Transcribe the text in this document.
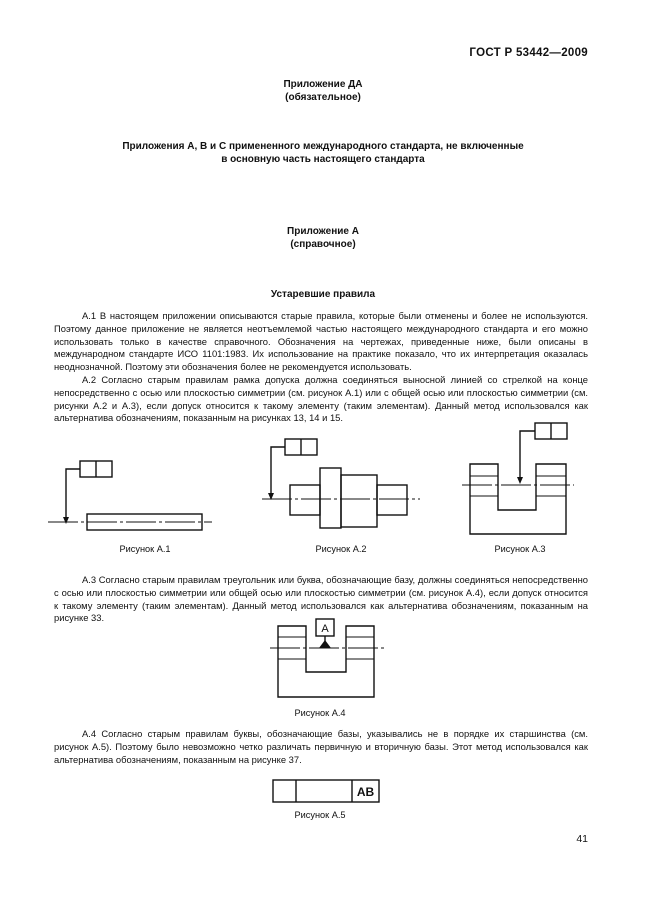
ГОСТ Р 53442—2009
Приложение ДА
(обязательное)
Приложения А, В и С примененного международного стандарта, не включенные
в основную часть настоящего стандарта
Приложение А
(справочное)
Устаревшие правила

А.1 В настоящем приложении описываются старые правила, которые были отменены и более не используются. Поэтому данное приложение не является неотъемлемой частью настоящего международного стандарта и его можно использовать только в качестве справочного. Обозначения на чертежах, приведенные ниже, были описаны в международном стандарте ИСО 1101:1983. Их использование на практике показало, что их интерпретация оказалась неоднозначной. Поэтому эти обозначения более не рекомендуется использовать.

А.2 Согласно старым правилам рамка допуска должна соединяться выносной линией со стрелкой на конце непосредственно с осью или плоскостью симметрии (см. рисунок А.1) или с общей осью или плоскостью симметрии (см. рисунки А.2 и А.3), если допуск относится к такому элементу (таким элементам). Данный метод использовался как альтернатива обозначениям, показанным на рисунках 13, 14 и 15.

Рисунок А.1	Рисунок А.2	Рисунок А.3

А.3 Согласно старым правилам треугольник или буква, обозначающие базу, должны соединяться непосредственно с осью или плоскостью симметрии или общей осью или плоскостью симметрии (см. рисунок А.4), если допуск относится к такому элементу (таким элементам). Данный метод использовался как альтернатива обозначениям, показанным на рисунке 33.

A
Рисунок А.4

А.4 Согласно старым правилам буквы, обозначающие базы, указывались не в порядке их старшинства (см. рисунок А.5). Поэтому было невозможно четко различать первичную и вторичную базы. Этот метод использовался как альтернатива обозначениям, показанным на рисунке 37.

AB
Рисунок А.5
41
